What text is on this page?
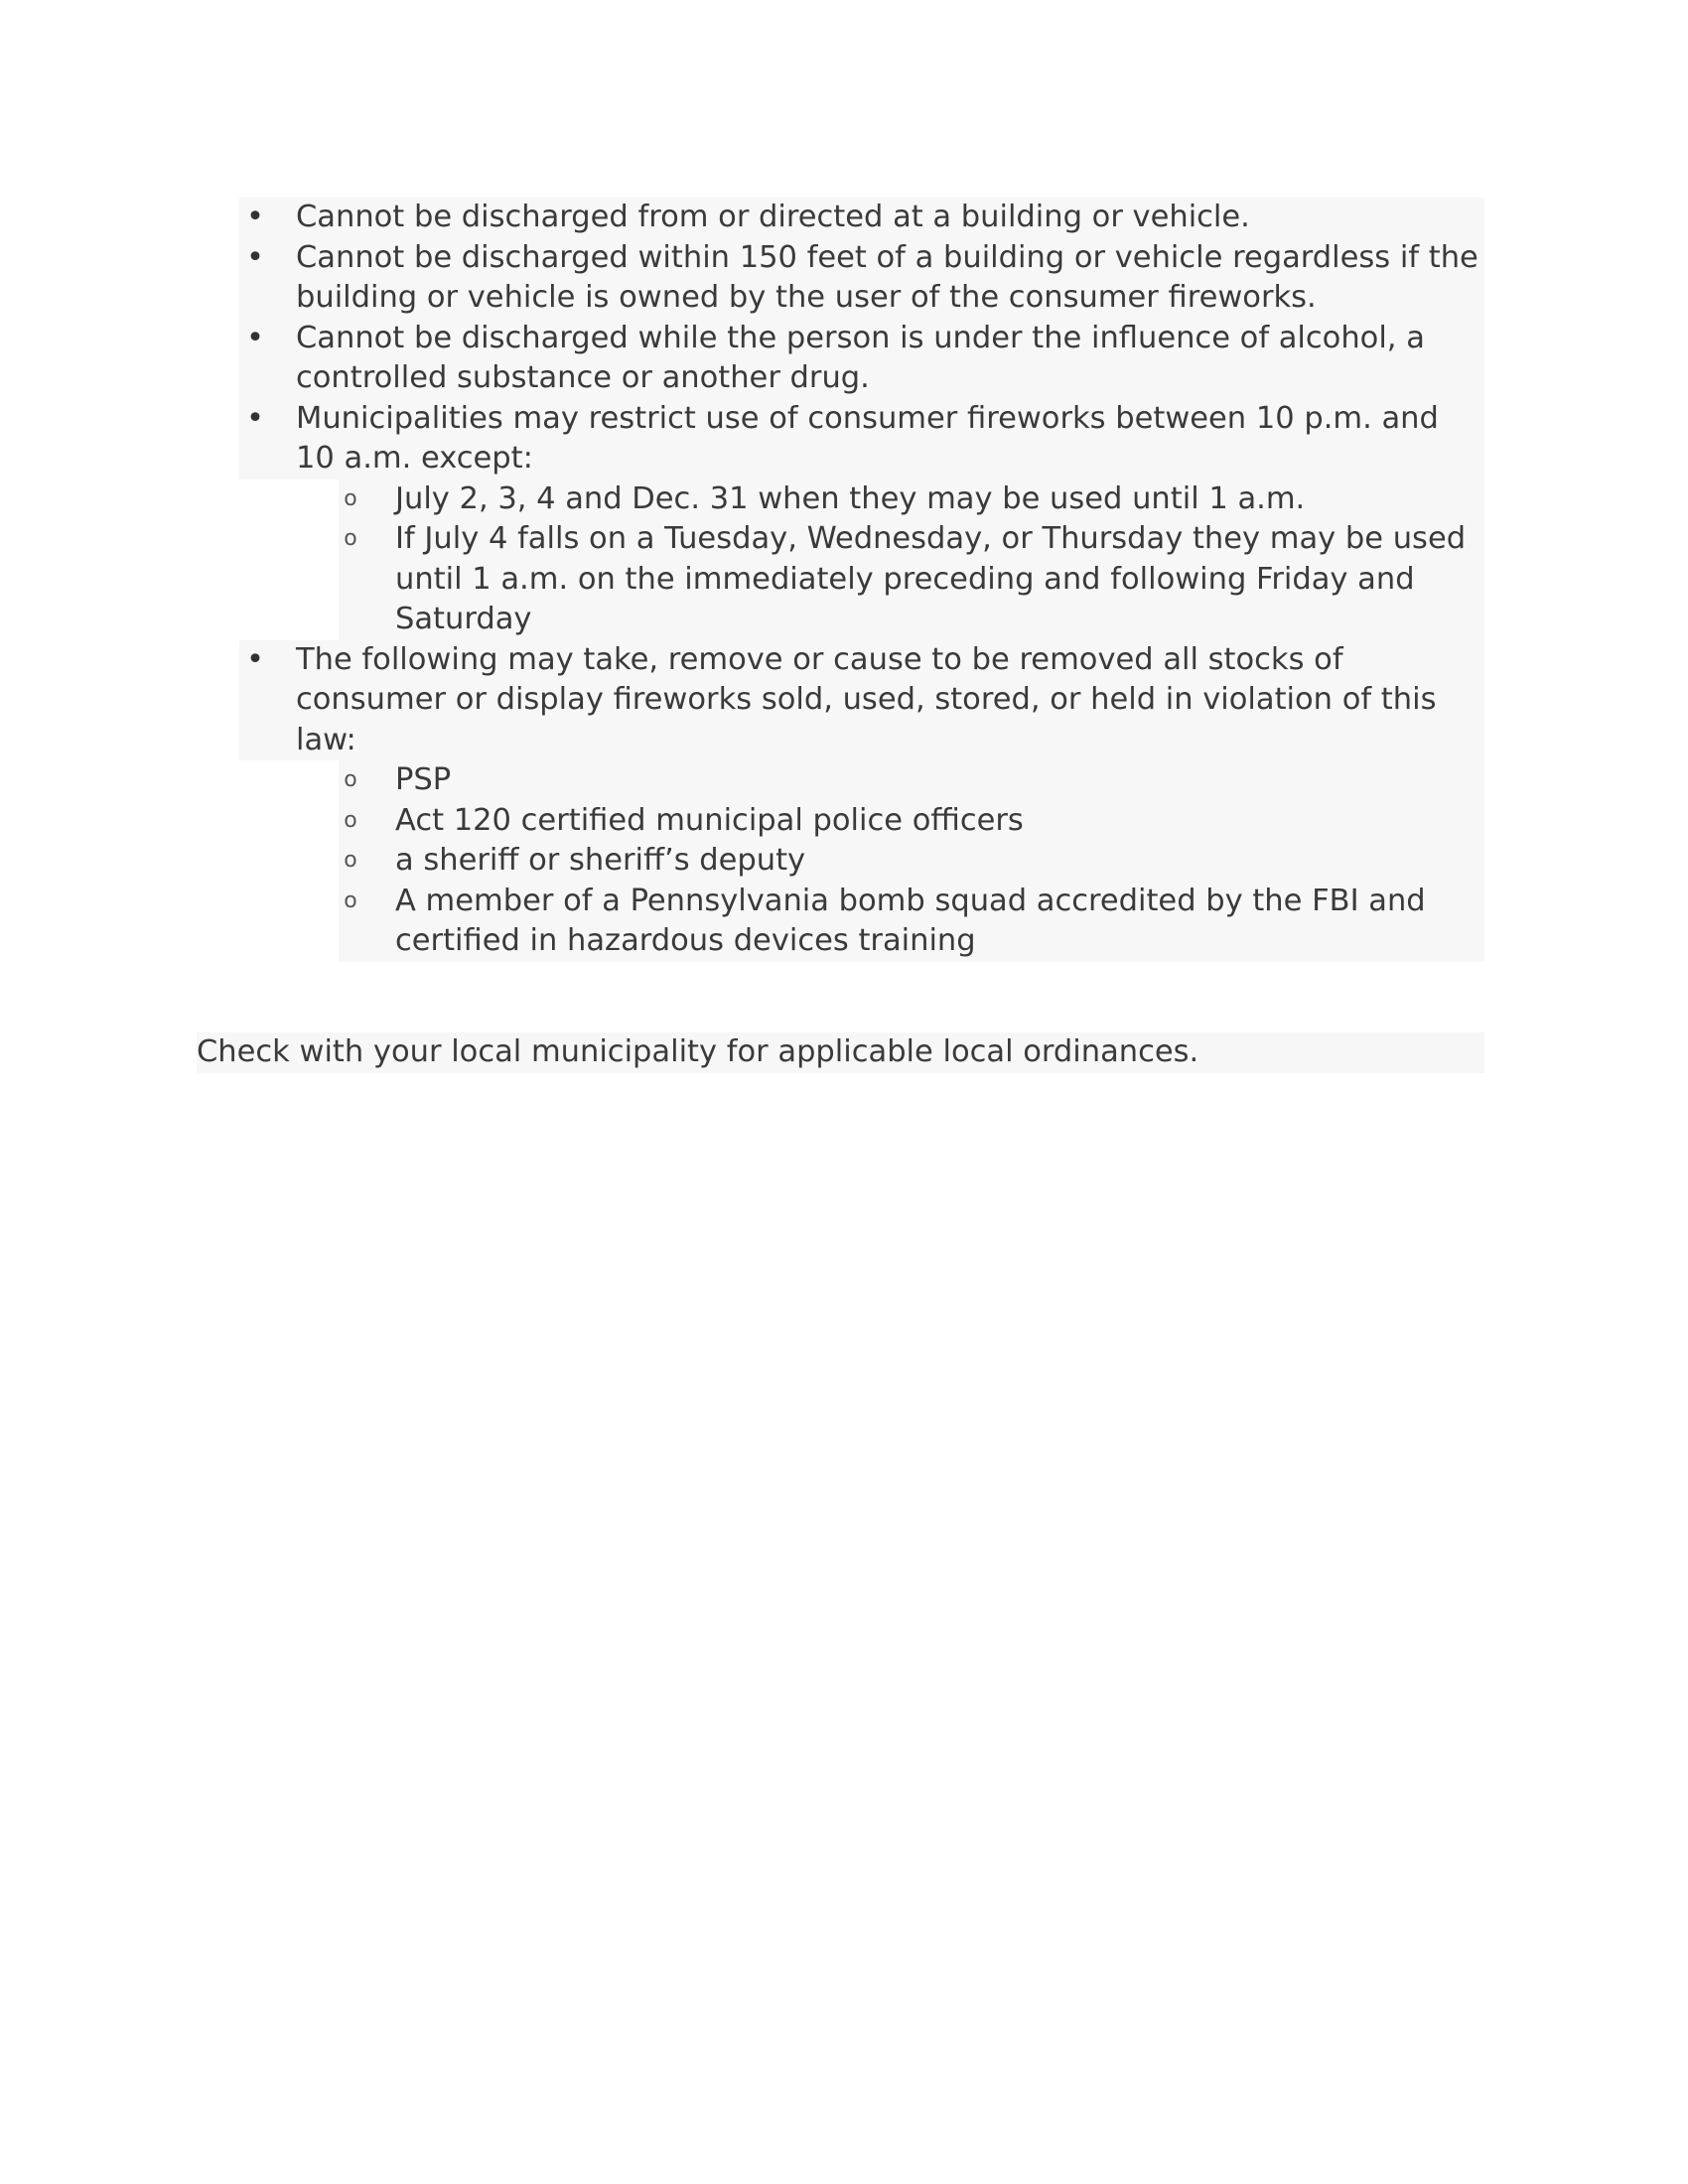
• Cannot be discharged from or directed at a building or vehicle.
• Cannot be discharged within 150 feet of a building or vehicle regardless if the building or vehicle is owned by the user of the consumer fireworks.
• Cannot be discharged while the person is under the influence of alcohol, a controlled substance or another drug.
• Municipalities may restrict use of consumer fireworks between 10 p.m. and 10 a.m. except:
o July 2, 3, 4 and Dec. 31 when they may be used until 1 a.m.
o If July 4 falls on a Tuesday, Wednesday, or Thursday they may be used until 1 a.m. on the immediately preceding and following Friday and Saturday
• The following may take, remove or cause to be removed all stocks of consumer or display fireworks sold, used, stored, or held in violation of this law:
o PSP
o Act 120 certified municipal police officers
o a sheriff or sheriff’s deputy
o A member of a Pennsylvania bomb squad accredited by the FBI and certified in hazardous devices training

Check with your local municipality for applicable local ordinances.
